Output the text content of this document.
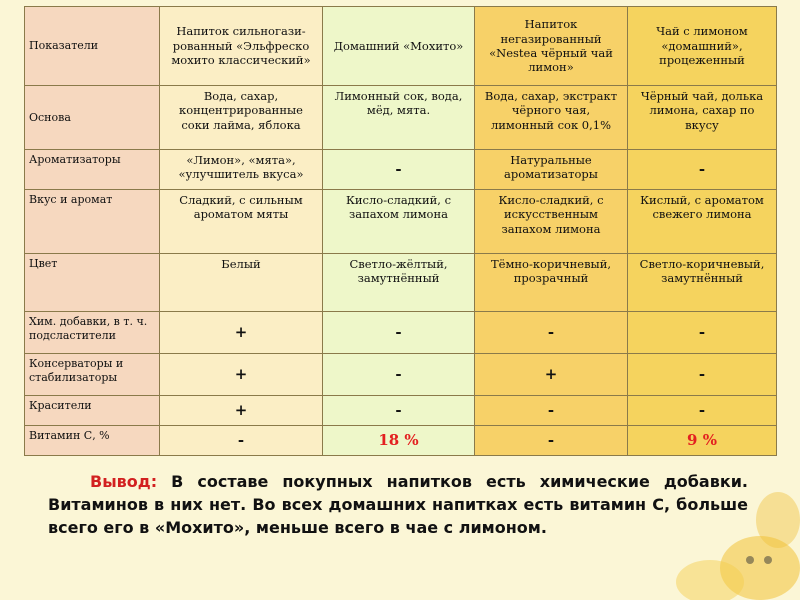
Показатели	Напиток сильногази-рованный «Эльфреско мохито классический»	Домашний «Мохито»	Напиток негазированный «Nestea чёрный чай лимон»	Чай с лимоном «домашний», процеженный
Основа	Вода, сахар, концентрированные соки лайма, яблока	Лимонный сок, вода, мёд, мята.	Вода, сахар, экстракт чёрного чая, лимонный сок 0,1%	Чёрный чай, долька лимона, сахар по вкусу
Ароматизаторы	«Лимон», «мята», «улучшитель вкуса»	-	Натуральные ароматизаторы	-
Вкус и аромат	Сладкий, с сильным ароматом мяты	Кисло-сладкий, с запахом лимона	Кисло-сладкий, с искусственным запахом лимона	Кислый, с ароматом свежего лимона
Цвет	Белый	Светло-жёлтый, замутнённый	Тёмно-коричневый, прозрачный	Светло-коричневый, замутнённый
Хим. добавки, в т. ч. подсластители	+	-	-	-
Консерваторы и стабилизаторы	+	-	+	-
Красители	+	-	-	-
Витамин С, %	-	18 %	-	9 %
Вывод: В составе покупных напитков есть химические добавки. Витаминов в них нет. Во всех домашних напитках есть витамин С, больше всего его в «Мохито», меньше всего в чае с лимоном.
